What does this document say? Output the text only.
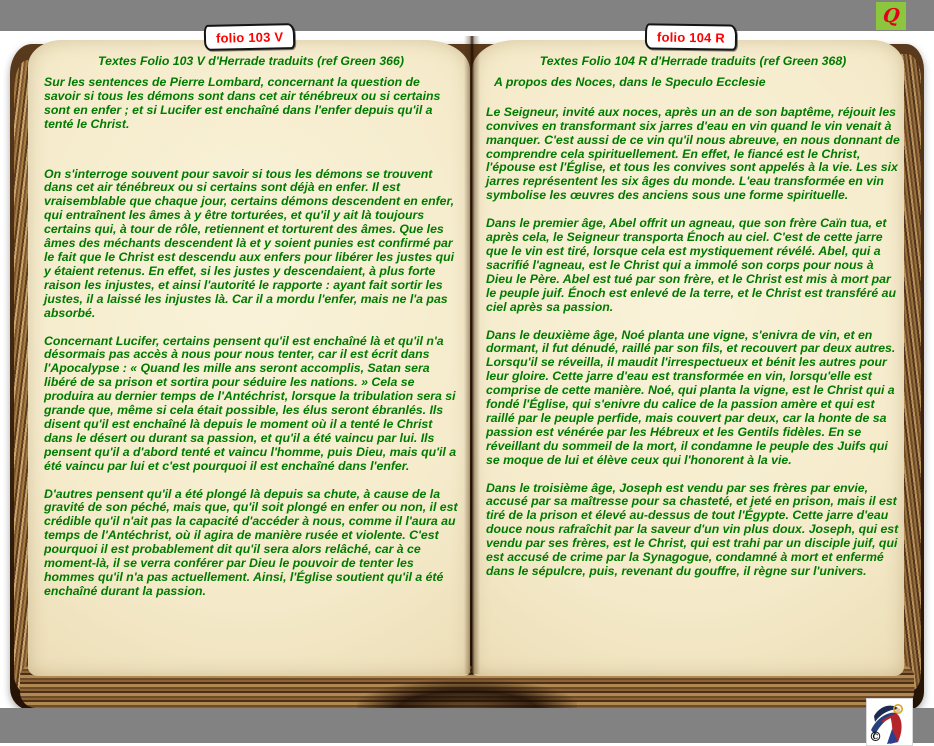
Q
folio 103 V	folio 104 R
Textes Folio 103 V d'Herrade traduits (ref Green 366)

Sur les sentences de Pierre Lombard, concernant la question de savoir si tous les démons sont dans cet air ténébreux ou si certains sont en enfer ; et si Lucifer est enchaîné dans l'enfer depuis qu'il a tenté le Christ.

On s'interroge souvent pour savoir si tous les démons se trouvent dans cet air ténébreux ou si certains sont déjà en enfer. Il est vraisemblable que chaque jour, certains démons descendent en enfer, qui entraînent les âmes à y être torturées, et qu'il y ait là toujours certains qui, à tour de rôle, retiennent et torturent des âmes. Que les âmes des méchants descendent là et y soient punies est confirmé par le fait que le Christ est descendu aux enfers pour libérer les justes qui y étaient retenus. En effet, si les justes y descendaient, à plus forte raison les injustes, et ainsi l'autorité le rapporte : ayant fait sortir les justes, il a laissé les injustes là. Car il a mordu l'enfer, mais ne l'a pas absorbé.

Concernant Lucifer, certains pensent qu'il est enchaîné là et qu'il n'a désormais pas accès à nous pour nous tenter, car il est écrit dans l'Apocalypse : « Quand les mille ans seront accomplis, Satan sera libéré de sa prison et sortira pour séduire les nations. » Cela se produira au dernier temps de l'Antéchrist, lorsque la tribulation sera si grande que, même si cela était possible, les élus seront ébranlés. Ils disent qu'il est enchaîné là depuis le moment où il a tenté le Christ dans le désert ou durant sa passion, et qu'il a été vaincu par lui. Ils pensent qu'il a d'abord tenté et vaincu l'homme, puis Dieu, mais qu'il a été vaincu par lui et c'est pourquoi il est enchaîné dans l'enfer.

D'autres pensent qu'il a été plongé là depuis sa chute, à cause de la gravité de son péché, mais que, qu'il soit plongé en enfer ou non, il est crédible qu'il n'ait pas la capacité d'accéder à nous, comme il l'aura au temps de l'Antéchrist, où il agira de manière rusée et violente. C'est pourquoi il est probablement dit qu'il sera alors relâché, car à ce moment-là, il se verra conférer par Dieu le pouvoir de tenter les hommes qu'il n'a pas actuellement. Ainsi, l'Église soutient qu'il a été enchaîné durant la passion.

Textes Folio 104 R d'Herrade traduits (ref Green 368)
A propos des Noces, dans le Speculo Ecclesie

Le Seigneur, invité aux noces, après un an de son baptême, réjouit les convives en transformant six jarres d'eau en vin quand le vin venait à manquer. C'est aussi de ce vin qu'il nous abreuve, en nous donnant de comprendre cela spirituellement. En effet, le fiancé est le Christ, l'épouse est l'Église, et tous les convives sont appelés à la vie. Les six jarres représentent les six âges du monde. L'eau transformée en vin symbolise les œuvres des anciens sous une forme spirituelle.

Dans le premier âge, Abel offrit un agneau, que son frère Caïn tua, et après cela, le Seigneur transporta Énoch au ciel. C'est de cette jarre que le vin est tiré, lorsque cela est mystiquement révélé. Abel, qui a sacrifié l'agneau, est le Christ qui a immolé son corps pour nous à Dieu le Père. Abel est tué par son frère, et le Christ est mis à mort par le peuple juif. Énoch est enlevé de la terre, et le Christ est transféré au ciel après sa passion.

Dans le deuxième âge, Noé planta une vigne, s'enivra de vin, et en dormant, il fut dénudé, raillé par son fils, et recouvert par deux autres. Lorsqu'il se réveilla, il maudit l'irrespectueux et bénit les autres pour leur gloire. Cette jarre d'eau est transformée en vin, lorsqu'elle est comprise de cette manière. Noé, qui planta la vigne, est le Christ qui a fondé l'Église, qui s'enivre du calice de la passion amère et qui est raillé par le peuple perfide, mais couvert par deux, car la honte de sa passion est vénérée par les Hébreux et les Gentils fidèles. En se réveillant du sommeil de la mort, il condamne le peuple des Juifs qui se moque de lui et élève ceux qui l'honorent à la vie.

Dans le troisième âge, Joseph est vendu par ses frères par envie, accusé par sa maîtresse pour sa chasteté, et jeté en prison, mais il est tiré de la prison et élevé au-dessus de tout l'Égypte. Cette jarre d'eau douce nous rafraîchit par la saveur d'un vin plus doux. Joseph, qui est vendu par ses frères, est le Christ, qui est trahi par un disciple juif, qui est accusé de crime par la Synagogue, condamné à mort et enfermé dans le sépulcre, puis, revenant du gouffre, il règne sur l'univers.

©
